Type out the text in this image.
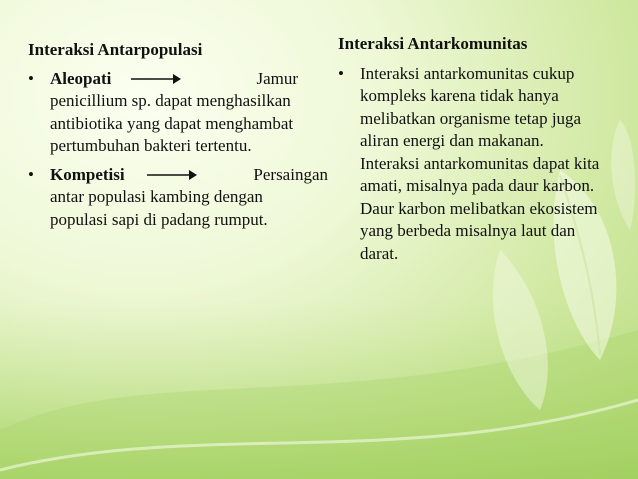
Interaksi Antarpopulasi

• Aleopati	Jamur
penicillium sp. dapat menghasilkan antibiotika yang dapat menghambat pertumbuhan bakteri tertentu.
• Kompetisi	Persaingan
antar populasi kambing dengan populasi sapi di padang rumput.

Interaksi Antarkomunitas

• Interaksi antarkomunitas cukup kompleks karena tidak hanya melibatkan organisme tetap juga aliran energi dan makanan. Interaksi antarkomunitas dapat kita amati, misalnya pada daur karbon. Daur karbon melibatkan ekosistem yang berbeda misalnya laut dan darat.
